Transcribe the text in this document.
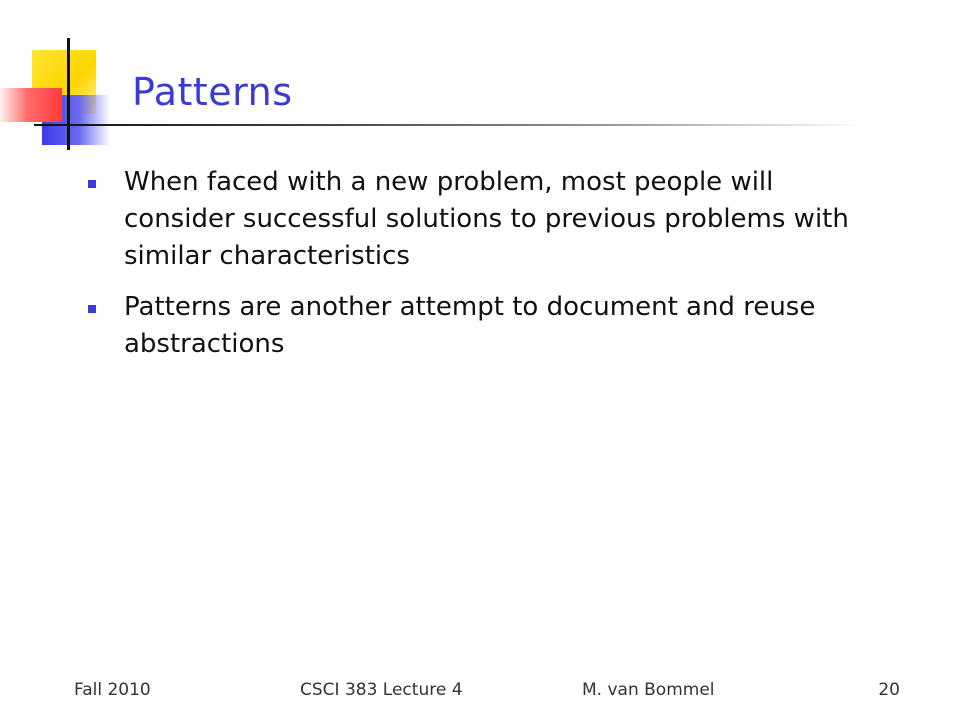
Patterns
When faced with a new problem, most people will consider successful solutions to previous problems with similar characteristics
Patterns are another attempt to document and reuse abstractions
Fall 2010	CSCI 383 Lecture 4	M. van Bommel	20
